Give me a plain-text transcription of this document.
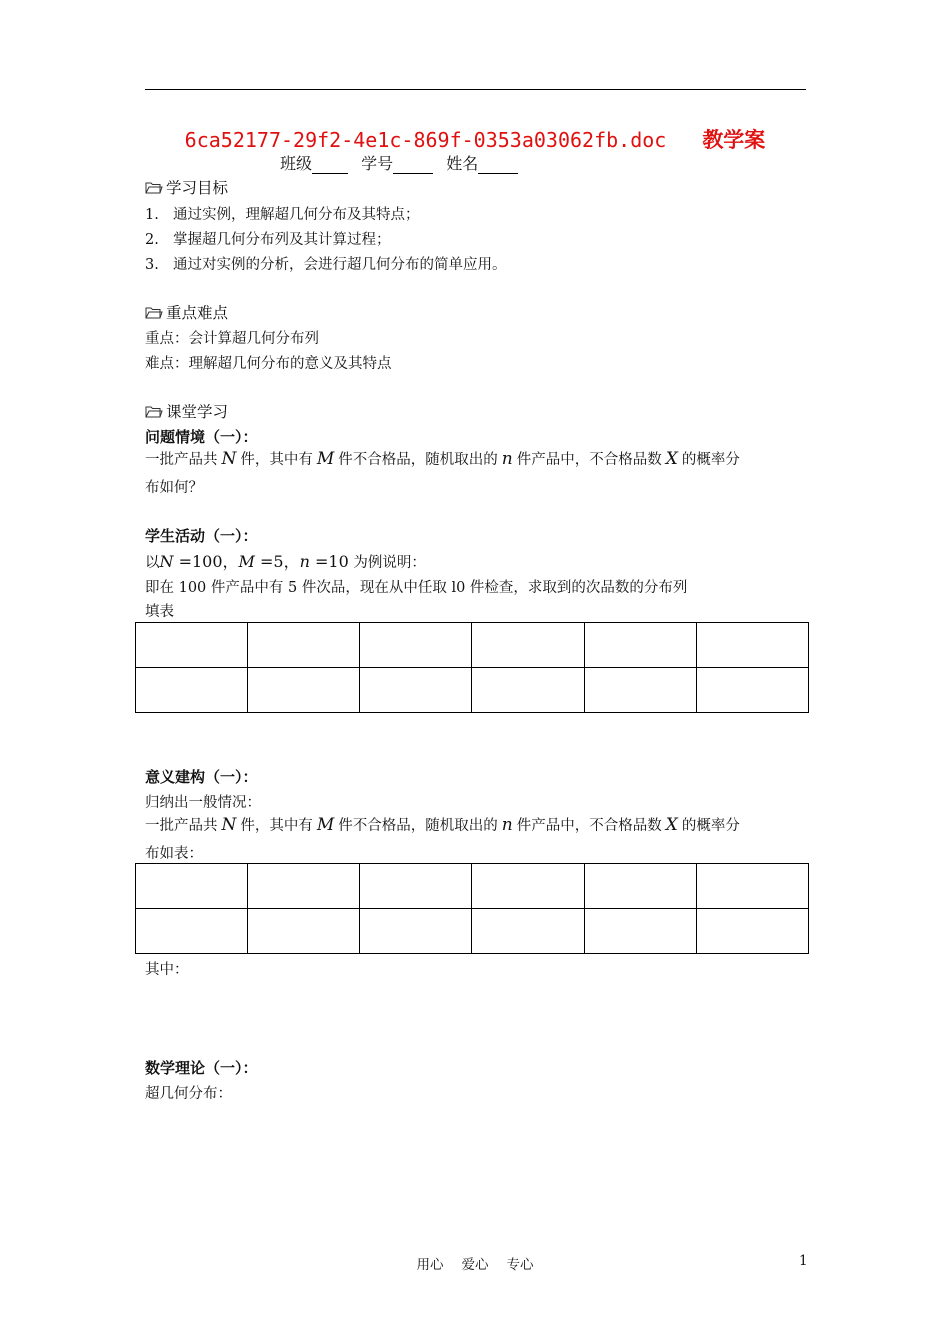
6ca52177-29f2-4e1c-869f-0353a03062fb.doc 教学案
班级	学号	姓名
学习目标
1. 通过实例，理解超几何分布及其特点；
2. 掌握超几何分布列及其计算过程；
3. 通过对实例的分析，会进行超几何分布的简单应用。
重点难点
重点：会计算超几何分布列
难点：理解超几何分布的意义及其特点
课堂学习
问题情境（一）：
一批产品共 N 件，其中有 M 件不合格品，随机取出的 n 件产品中，不合格品数 X 的概率分
布如何？
学生活动（一）：
以N =100，M =5，n =10 为例说明：
即在 100 件产品中有 5 件次品，现在从中任取 l0 件检查，求取到的次品数的分布列
填表

意义建构（一）：
归纳出一般情况：
一批产品共 N 件，其中有 M 件不合格品，随机取出的 n 件产品中，不合格品数 X 的概率分
布如表：

其中：
数学理论（一）：
超几何分布：
用心 爱心 专心	1
